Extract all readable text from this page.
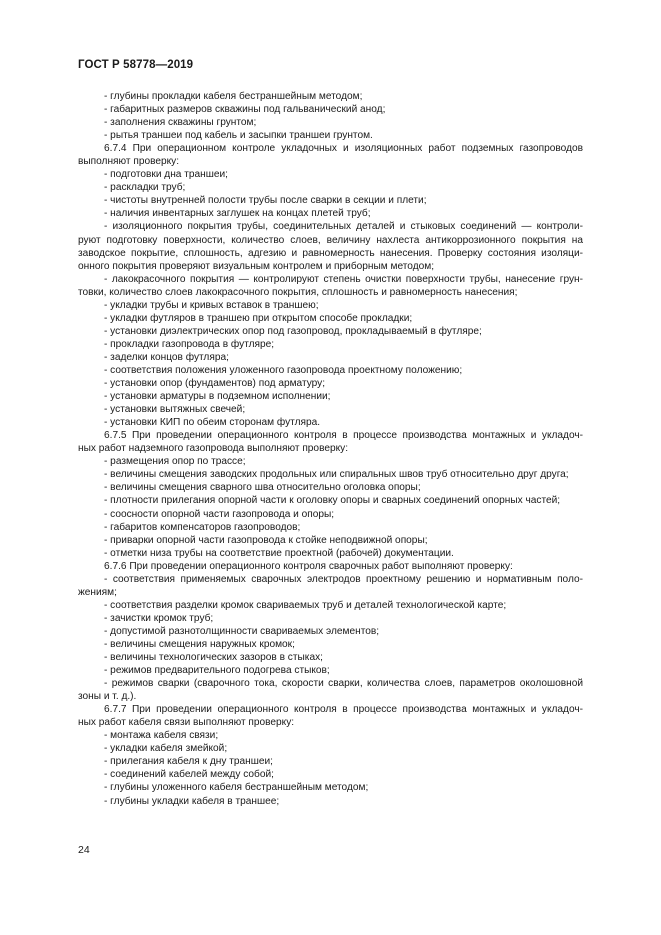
ГОСТ Р 58778—2019
- глубины прокладки кабеля бестраншейным методом;
- габаритных размеров скважины под гальванический анод;
- заполнения скважины грунтом;
- рытья траншеи под кабель и засыпки траншеи грунтом.
6.7.4 При операционном контроле укладочных и изоляционных работ подземных газопроводов
выполняют проверку:
- подготовки дна траншеи;
- раскладки труб;
- чистоты внутренней полости трубы после сварки в секции и плети;
- наличия инвентарных заглушек на концах плетей труб;
- изоляционного покрытия трубы, соединительных деталей и стыковых соединений — контроли-
руют подготовку поверхности, количество слоев, величину нахлеста антикоррозионного покрытия на
заводское покрытие, сплошность, адгезию и равномерность нанесения. Проверку состояния изоляци-
онного покрытия проверяют визуальным контролем и приборным методом;
- лакокрасочного покрытия — контролируют степень очистки поверхности трубы, нанесение грун-
товки, количество слоев лакокрасочного покрытия, сплошность и равномерность нанесения;
- укладки трубы и кривых вставок в траншею;
- укладки футляров в траншею при открытом способе прокладки;
- установки диэлектрических опор под газопровод, прокладываемый в футляре;
- прокладки газопровода в футляре;
- заделки концов футляра;
- соответствия положения уложенного газопровода проектному положению;
- установки опор (фундаментов) под арматуру;
- установки арматуры в подземном исполнении;
- установки вытяжных свечей;
- установки КИП по обеим сторонам футляра.
6.7.5 При проведении операционного контроля в процессе производства монтажных и укладоч-
ных работ надземного газопровода выполняют проверку:
- размещения опор по трассе;
- величины смещения заводских продольных или спиральных швов труб относительно друг друга;
- величины смещения сварного шва относительно оголовка опоры;
- плотности прилегания опорной части к оголовку опоры и сварных соединений опорных частей;
- соосности опорной части газопровода и опоры;
- габаритов компенсаторов газопроводов;
- приварки опорной части газопровода к стойке неподвижной опоры;
- отметки низа трубы на соответствие проектной (рабочей) документации.
6.7.6 При проведении операционного контроля сварочных работ выполняют проверку:
- соответствия применяемых сварочных электродов проектному решению и нормативным поло-
жениям;
- соответствия разделки кромок свариваемых труб и деталей технологической карте;
- зачистки кромок труб;
- допустимой разнотолщинности свариваемых элементов;
- величины смещения наружных кромок;
- величины технологических зазоров в стыках;
- режимов предварительного подогрева стыков;
- режимов сварки (сварочного тока, скорости сварки, количества слоев, параметров околошовной
зоны и т. д.).
6.7.7 При проведении операционного контроля в процессе производства монтажных и укладоч-
ных работ кабеля связи выполняют проверку:
- монтажа кабеля связи;
- укладки кабеля змейкой;
- прилегания кабеля к дну траншеи;
- соединений кабелей между собой;
- глубины уложенного кабеля бестраншейным методом;
- глубины укладки кабеля в траншее;
24
